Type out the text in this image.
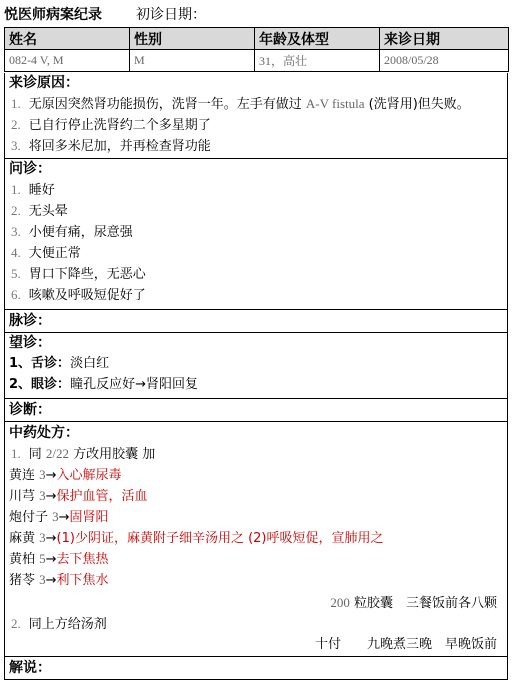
悦医师病案纪录 初诊日期：
姓名	性别	年龄及体型	来诊日期
082-4 V, M	M	31，高壮	2008/05/28
来诊原因：
1. 无原因突然肾功能损伤，洗肾一年。左手有做过 A-V fistula (洗肾用)但失败。
2. 已自行停止洗肾约二个多星期了
3. 将回多米尼加，并再检查肾功能
问诊：
1. 睡好
2. 无头晕
3. 小便有痛，尿意强
4. 大便正常
5. 胃口下降些，无恶心
6. 咳嗽及呼吸短促好了
脉诊：
望诊：
1、舌诊：淡白红
2、眼诊：瞳孔反应好→肾阳回复
诊断：
中药处方：
1. 同 2/22 方改用胶囊 加
黄连 3→入心解尿毒
川芎 3→保护血管，活血
炮付子 3→固肾阳
麻黄 3→(1)少阴证，麻黄附子细辛汤用之 (2)呼吸短促，宣肺用之
黄柏 5→去下焦热
猪苓 3→利下焦水
200 粒胶囊　三餐饭前各八颗
2. 同上方给汤剂
十付　　九晚煮三晚　早晚饭前
解说：
